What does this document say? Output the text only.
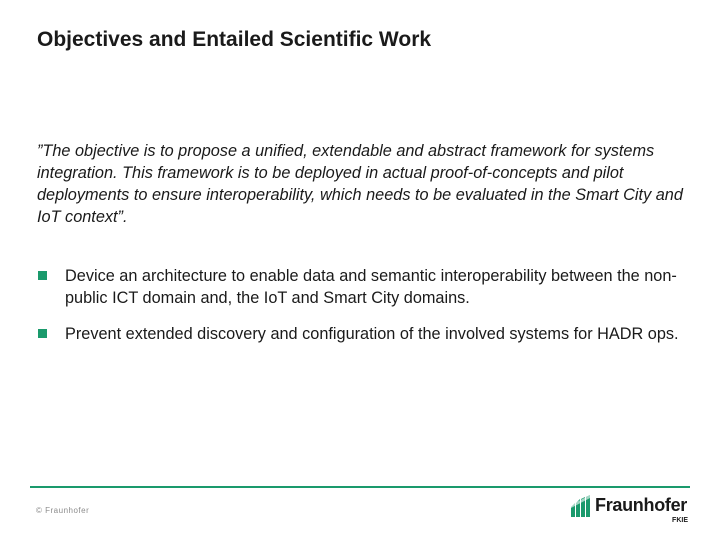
Objectives and Entailed Scientific Work
”The objective is to propose a unified, extendable and abstract framework for systems integration. This framework is to be deployed in actual proof-of-concepts and pilot deployments to ensure interoperability, which needs to be evaluated in the Smart City and IoT context”.
Device an architecture to enable data and semantic interoperability between the non-public ICT domain and, the IoT and Smart City domains.
Prevent extended discovery and configuration of the involved systems for HADR ops.
© Fraunhofer	Fraunhofer
FKIE
